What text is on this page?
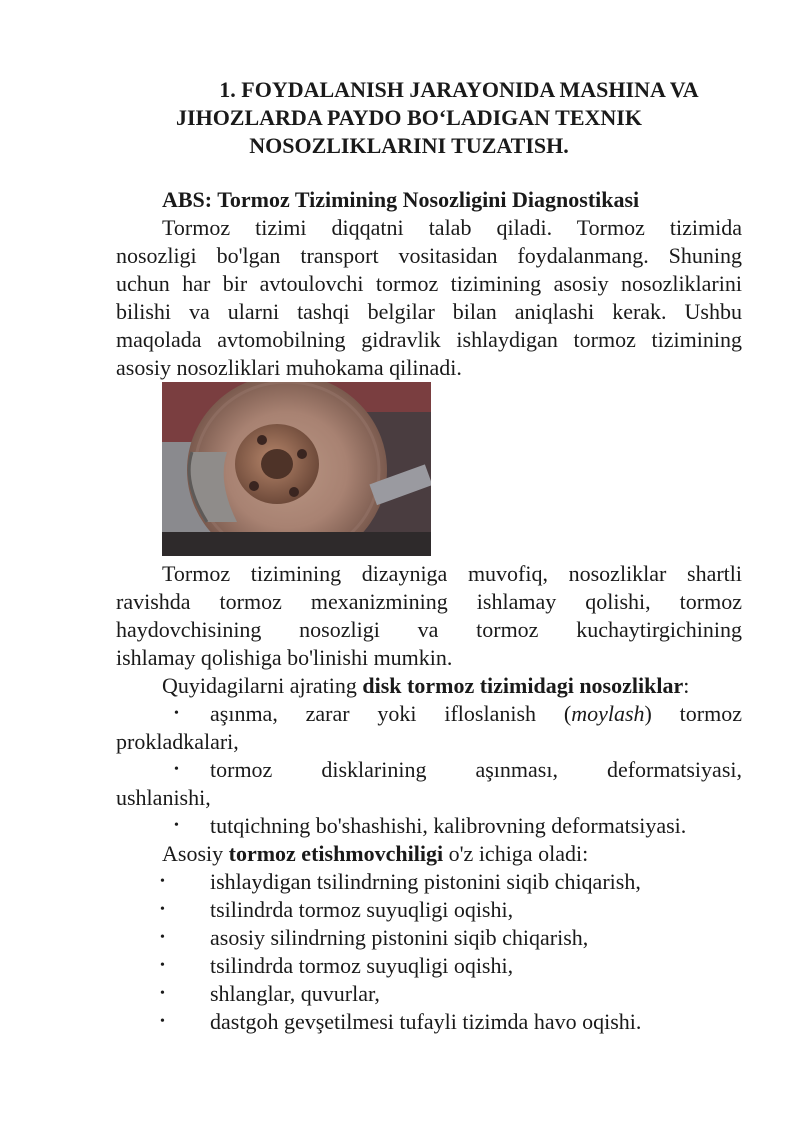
1. FOYDALANISH JARAYONIDA MASHINA VA
JIHOZLARDA PAYDO BO‘LADIGAN TEXNIK
NOSOZLIKLARINI TUZATISH.
ABS: Tormoz Tizimining Nosozligini Diagnostikasi
Tormoz tizimi diqqatni talab qiladi. Tormoz tizimida
nosozligi bo'lgan transport vositasidan foydalanmang. Shuning
uchun har bir avtoulovchi tormoz tizimining asosiy nosozliklarini
bilishi va ularni tashqi belgilar bilan aniqlashi kerak. Ushbu
maqolada avtomobilning gidravlik ishlaydigan tormoz tizimining
asosiy nosozliklari muhokama qilinadi.
Tormoz tizimining dizayniga muvofiq, nosozliklar shartli
ravishda tormoz mexanizmining ishlamay qolishi, tormoz
haydovchisining nosozligi va tormoz kuchaytirgichining
ishlamay qolishiga bo'linishi mumkin.
Quyidagilarni ajrating disk tormoz tizimidagi nosozliklar:
• aşınma, zarar yoki ifloslanish (moylash) tormoz
prokladkalari,
• tormoz disklarining aşınması, deformatsiyasi,
ushlanishi,
• tutqichning bo'shashishi, kalibrovning deformatsiyasi.
Asosiy tormoz etishmovchiligi o'z ichiga oladi:
• ishlaydigan tsilindrning pistonini siqib chiqarish,
• tsilindrda tormoz suyuqligi oqishi,
• asosiy silindrning pistonini siqib chiqarish,
• tsilindrda tormoz suyuqligi oqishi,
• shlanglar, quvurlar,
• dastgoh gevşetilmesi tufayli tizimda havo oqishi.
